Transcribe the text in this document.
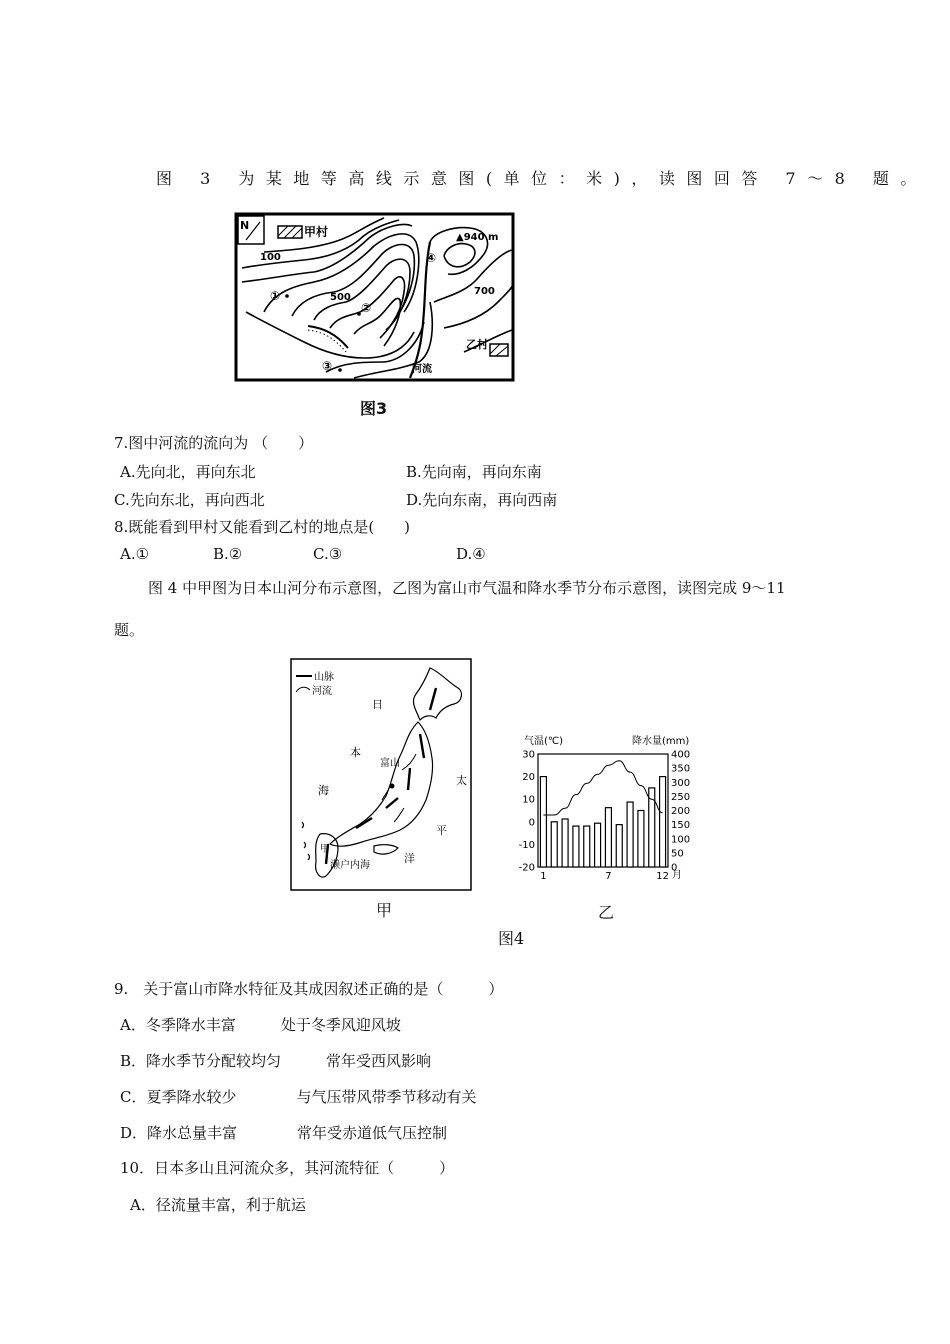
图 3 为某地等高线示意图(单位：米)，读图回答 7～8 题。
N	甲村
100
500
700
▲940 m
①
②
③
④
河流
乙村
图3
7.图中河流的流向为 （　　）
A.先向北，再向东北	B.先向南，再向东南
C.先向东北，再向西北	D.先向东南，再向西南
8.既能看到甲村又能看到乙村的地点是(　　)
A.①	B.②	C.③	D.④
图 4 中甲图为日本山河分布示意图，乙图为富山市气温和降水季节分布示意图，读图完成 9～11
题。
山脉
河流
日
本
海
富山
太
平
洋
甲
濑户内海
甲
气温(℃)	降水量(mm)
30
20
10
0
-10
-20
400
350
300
250
200
150
100
50
0
1	7	12 月
乙
图4
9.　关于富山市降水特征及其成因叙述正确的是（　　　）
A．冬季降水丰富　　　处于冬季风迎风坡
B．降水季节分配较均匀　　　常年受西风影响
C．夏季降水较少　　　　与气压带风带季节移动有关
D．降水总量丰富　　　　常年受赤道低气压控制
10．日本多山且河流众多，其河流特征（　　　）
A．径流量丰富，利于航运
